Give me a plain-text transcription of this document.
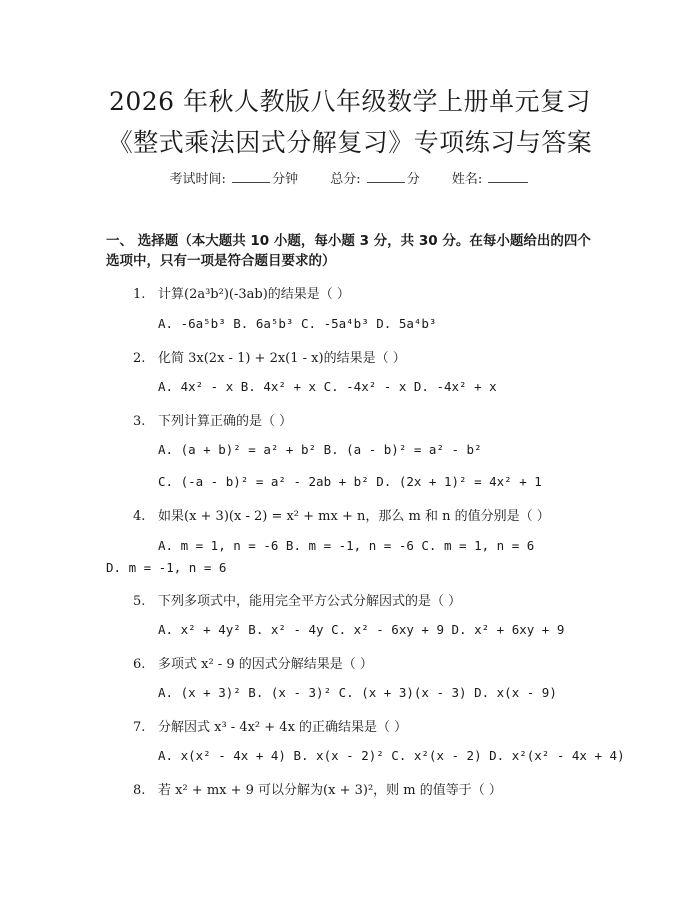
2026 年秋人教版八年级数学上册单元复习
《整式乘法因式分解复习》专项练习与答案
考试时间:	分钟 总分:	分 姓名:
一、 选择题（本大题共 10 小题，每小题 3 分，共 30 分。在每小题给出的四个选项中，只有一项是符合题目要求的）
1. 计算(2a³b²)(-3ab)的结果是（ ）
A. -6a⁵b³ B. 6a⁵b³ C. -5a⁴b³ D. 5a⁴b³
2. 化简 3x(2x - 1) + 2x(1 - x)的结果是（ ）
A. 4x² - x B. 4x² + x C. -4x² - x D. -4x² + x
3. 下列计算正确的是（ ）
A. (a + b)² = a² + b² B. (a - b)² = a² - b²
C. (-a - b)² = a² - 2ab + b² D. (2x + 1)² = 4x² + 1
4. 如果(x + 3)(x - 2) = x² + mx + n，那么 m 和 n 的值分别是（ ）
A. m = 1, n = -6 B. m = -1, n = -6 C. m = 1, n = 6 D. m = -1, n = 6
5. 下列多项式中，能用完全平方公式分解因式的是（ ）
A. x² + 4y² B. x² - 4y C. x² - 6xy + 9 D. x² + 6xy + 9
6. 多项式 x² - 9 的因式分解结果是（ ）
A. (x + 3)² B. (x - 3)² C. (x + 3)(x - 3) D. x(x - 9)
7. 分解因式 x³ - 4x² + 4x 的正确结果是（ ）
A. x(x² - 4x + 4) B. x(x - 2)² C. x²(x - 2) D. x²(x² - 4x + 4)
8. 若 x² + mx + 9 可以分解为(x + 3)²，则 m 的值等于（ ）
